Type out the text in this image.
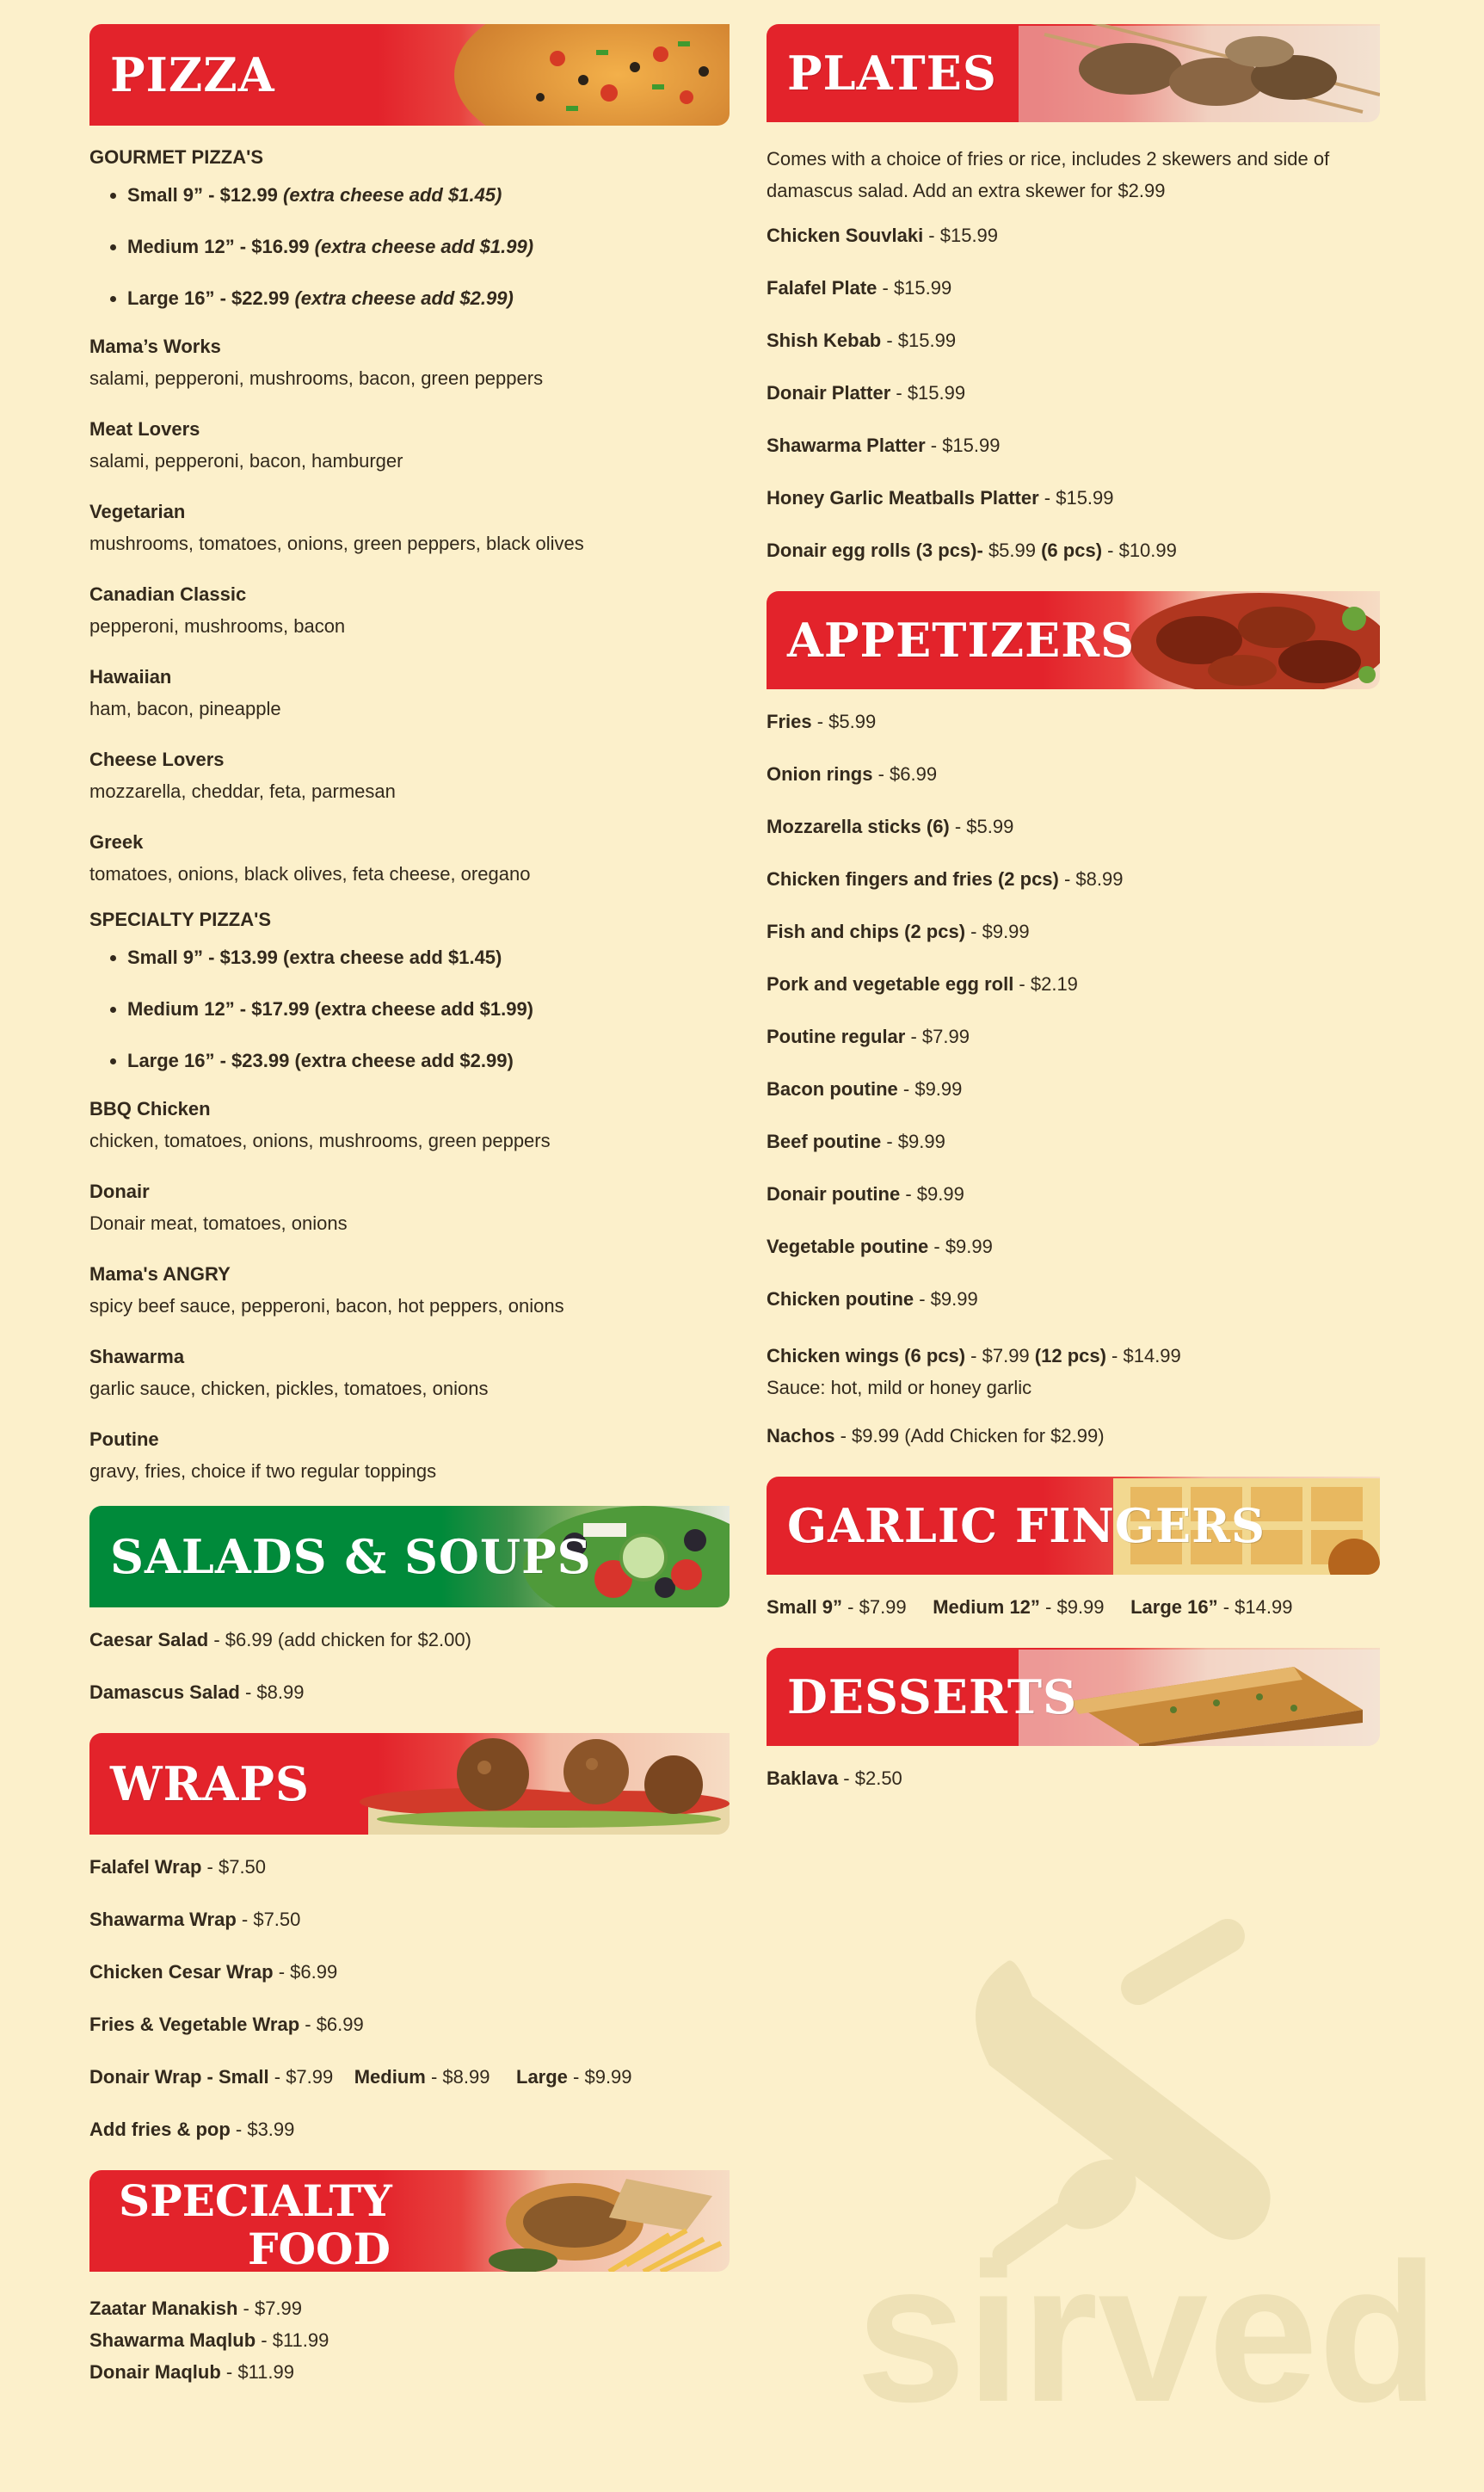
PIZZA
GOURMET PIZZA'S
• Small 9” - $12.99 (extra cheese add $1.45)
• Medium 12” - $16.99 (extra cheese add $1.99)
• Large 16” - $22.99 (extra cheese add $2.99)
Mama’s Works
salami, pepperoni, mushrooms, bacon, green peppers
Meat Lovers
salami, pepperoni, bacon, hamburger
Vegetarian
mushrooms, tomatoes, onions, green peppers, black olives
Canadian Classic
pepperoni, mushrooms, bacon
Hawaiian
ham, bacon, pineapple
Cheese Lovers
mozzarella, cheddar, feta, parmesan
Greek
tomatoes, onions, black olives, feta cheese, oregano
SPECIALTY PIZZA'S
• Small 9” - $13.99 (extra cheese add $1.45)
• Medium 12” - $17.99 (extra cheese add $1.99)
• Large 16” - $23.99 (extra cheese add $2.99)
BBQ Chicken
chicken, tomatoes, onions, mushrooms, green peppers
Donair
Donair meat, tomatoes, onions
Mama's ANGRY
spicy beef sauce, pepperoni, bacon, hot peppers, onions
Shawarma
garlic sauce, chicken, pickles, tomatoes, onions
Poutine
gravy, fries, choice if two regular toppings
SALADS & SOUPS

Caesar Salad - $6.99 (add chicken for $2.00)

Damascus Salad - $8.99

WRAPS

Falafel Wrap - $7.50

Shawarma Wrap - $7.50

Chicken Cesar Wrap - $6.99

Fries & Vegetable Wrap - $6.99

Donair Wrap - Small - $7.99 Medium - $8.99 Large - $9.99

Add fries & pop - $3.99

SPECIALTY
FOOD

Zaatar Manakish - $7.99

Shawarma Maqlub - $11.99

Donair Maqlub - $11.99

PLATES

Comes with a choice of fries or rice, includes 2 skewers and side of damascus salad. Add an extra skewer for $2.99

Chicken Souvlaki - $15.99

Falafel Plate - $15.99

Shish Kebab - $15.99

Donair Platter - $15.99

Shawarma Platter - $15.99

Honey Garlic Meatballs Platter - $15.99

Donair egg rolls (3 pcs)- $5.99 (6 pcs) - $10.99

APPETIZERS

Fries - $5.99

Onion rings - $6.99

Mozzarella sticks (6) - $5.99

Chicken fingers and fries (2 pcs) - $8.99

Fish and chips (2 pcs) - $9.99

Pork and vegetable egg roll - $2.19

Poutine regular - $7.99

Bacon poutine - $9.99

Beef poutine - $9.99

Donair poutine - $9.99

Vegetable poutine - $9.99

Chicken poutine - $9.99

Chicken wings (6 pcs) - $7.99 (12 pcs) - $14.99
Sauce: hot, mild or honey garlic

Nachos - $9.99 (Add Chicken for $2.99)

GARLIC FINGERS

Small 9” - $7.99 Medium 12” - $9.99 Large 16” - $14.99

DESSERTS

Baklava - $2.50

sirved
